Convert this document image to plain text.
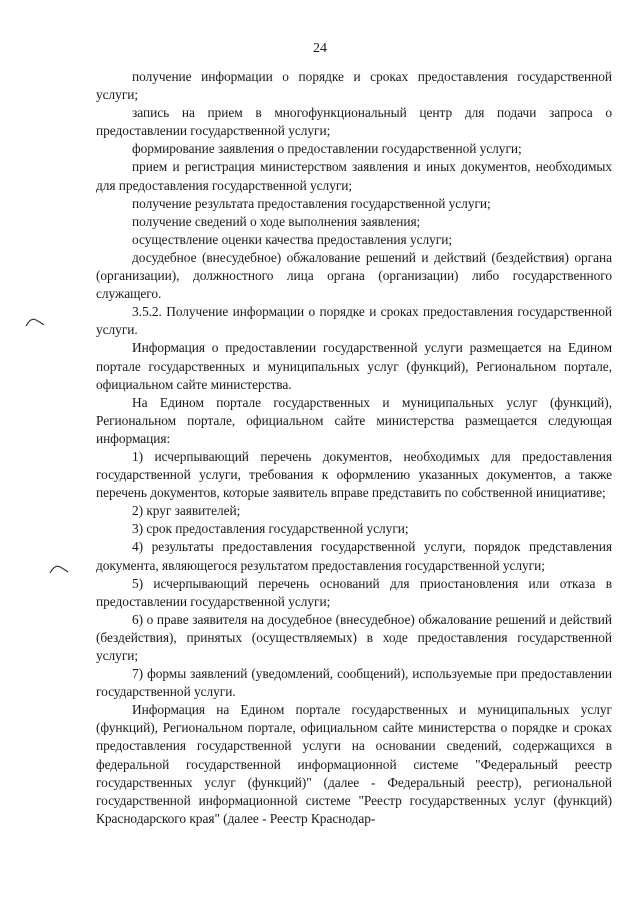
24

получение информации о порядке и сроках предоставления государственной услуги;

запись на прием в многофункциональный центр для подачи запроса о предоставлении государственной услуги;

формирование заявления о предоставлении государственной услуги;

прием и регистрация министерством заявления и иных документов, необходимых для предоставления государственной услуги;

получение результата предоставления государственной услуги;

получение сведений о ходе выполнения заявления;

осуществление оценки качества предоставления услуги;

досудебное (внесудебное) обжалование решений и действий (бездействия) органа (организации), должностного лица органа (организации) либо государственного служащего.

3.5.2. Получение информации о порядке и сроках предоставления государственной услуги.

Информация о предоставлении государственной услуги размещается на Едином портале государственных и муниципальных услуг (функций), Региональном портале, официальном сайте министерства.

На Едином портале государственных и муниципальных услуг (функций), Региональном портале, официальном сайте министерства размещается следующая информация:

1) исчерпывающий перечень документов, необходимых для предоставления государственной услуги, требования к оформлению указанных документов, а также перечень документов, которые заявитель вправе представить по собственной инициативе;

2) круг заявителей;

3) срок предоставления государственной услуги;

4) результаты предоставления государственной услуги, порядок представления документа, являющегося результатом предоставления государственной услуги;

5) исчерпывающий перечень оснований для приостановления или отказа в предоставлении государственной услуги;

6) о праве заявителя на досудебное (внесудебное) обжалование решений и действий (бездействия), принятых (осуществляемых) в ходе предоставления государственной услуги;

7) формы заявлений (уведомлений, сообщений), используемые при предоставлении государственной услуги.

Информация на Едином портале государственных и муниципальных услуг (функций), Региональном портале, официальном сайте министерства о порядке и сроках предоставления государственной услуги на основании сведений, содержащихся в федеральной государственной информационной системе "Федеральный реестр государственных услуг (функций)" (далее - Федеральный реестр), региональной государственной информационной системе "Реестр государственных услуг (функций) Краснодарского края" (далее - Реестр Краснодар-
